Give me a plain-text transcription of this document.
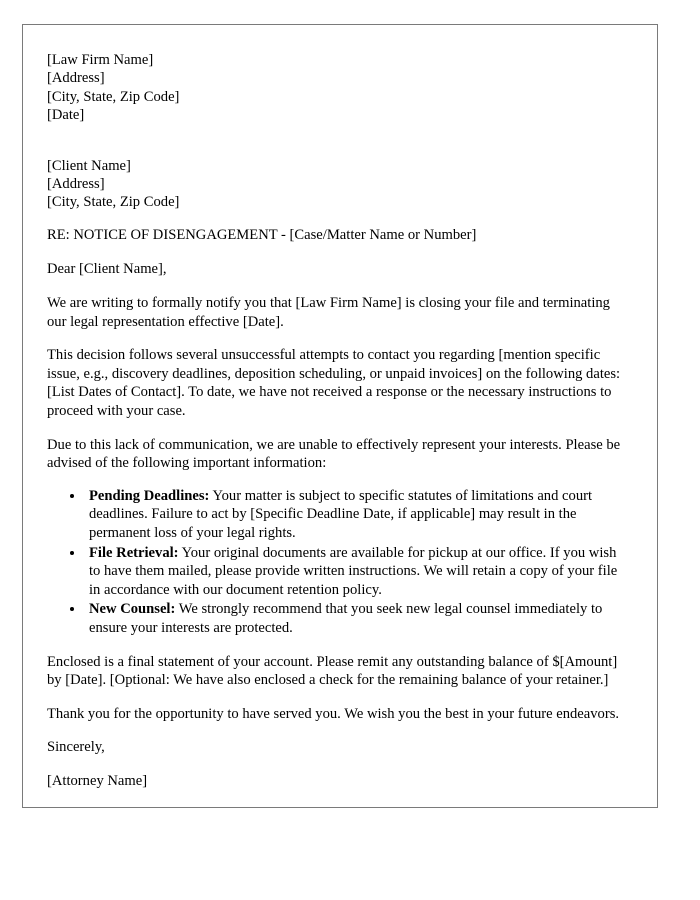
[Law Firm Name]
[Address]
[City, State, Zip Code]
[Date]
[Client Name]
[Address]
[City, State, Zip Code]
RE: NOTICE OF DISENGAGEMENT - [Case/Matter Name or Number]
Dear [Client Name],
We are writing to formally notify you that [Law Firm Name] is closing your file and terminating our legal representation effective [Date].
This decision follows several unsuccessful attempts to contact you regarding [mention specific issue, e.g., discovery deadlines, deposition scheduling, or unpaid invoices] on the following dates: [List Dates of Contact]. To date, we have not received a response or the necessary instructions to proceed with your case.
Due to this lack of communication, we are unable to effectively represent your interests. Please be advised of the following important information:
• Pending Deadlines: Your matter is subject to specific statutes of limitations and court deadlines. Failure to act by [Specific Deadline Date, if applicable] may result in the permanent loss of your legal rights.
• File Retrieval: Your original documents are available for pickup at our office. If you wish to have them mailed, please provide written instructions. We will retain a copy of your file in accordance with our document retention policy.
• New Counsel: We strongly recommend that you seek new legal counsel immediately to ensure your interests are protected.
Enclosed is a final statement of your account. Please remit any outstanding balance of $[Amount] by [Date]. [Optional: We have also enclosed a check for the remaining balance of your retainer.]
Thank you for the opportunity to have served you. We wish you the best in your future endeavors.
Sincerely,
[Attorney Name]
